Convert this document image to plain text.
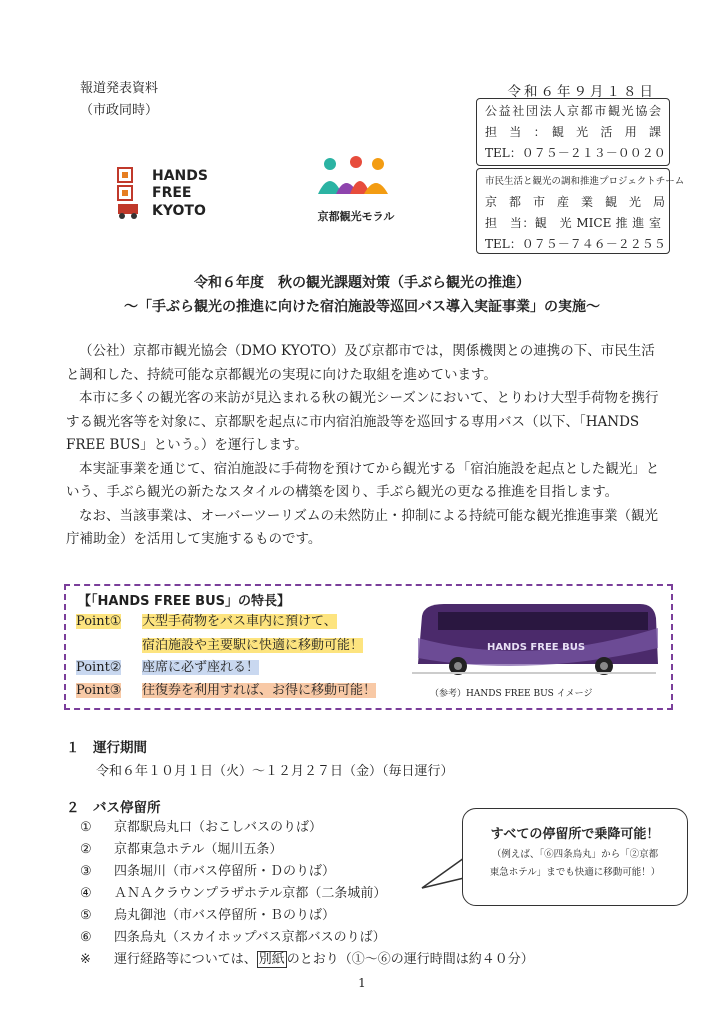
報道発表資料
（市政同時）
令和６年９月１８日
公益社団法人京都市観光協会
担　当　：　観　光　活　用　課
TEL：０７５－２１３－００２０
市民生活と観光の調和推進プロジェクトチーム
京　都　市　産　業　観　光　局
担　当：観　光 MICE 推 進 室
TEL：０７５－７４６－２２５５
HANDS
FREE
KYOTO	京都観光モラル
令和６年度　秋の観光課題対策（手ぶら観光の推進）
～「手ぶら観光の推進に向けた宿泊施設等巡回バス導入実証事業」の実施～

（公社）京都市観光協会（DMO KYOTO）及び京都市では，関係機関との連携の下、市民生活と調和した、持続可能な京都観光の実現に向けた取組を進めています。

本市に多くの観光客の来訪が見込まれる秋の観光シーズンにおいて、とりわけ大型手荷物を携行する観光客等を対象に、京都駅を起点に市内宿泊施設等を巡回する専用バス（以下、「HANDS FREE BUS」という。）を運行します。

本実証事業を通じて、宿泊施設に手荷物を預けてから観光する「宿泊施設を起点とした観光」という、手ぶら観光の新たなスタイルの構築を図り、手ぶら観光の更なる推進を目指します。

なお、当該事業は、オーバーツーリズムの未然防止・抑制による持続可能な観光推進事業（観光庁補助金）を活用して実施するものです。

【「HANDS FREE BUS」の特長】
Point① 大型手荷物をバス車内に預けて、
宿泊施設や主要駅に快適に移動可能！
Point② 座席に必ず座れる！
Point③ 往復券を利用すれば、お得に移動可能！
HANDS FREE BUS
（参考）HANDS FREE BUS イメージ
１　運行期間
令和６年１０月１日（火）～１２月２７日（金）（毎日運行）
２　バス停留所
① 京都駅烏丸口（おこしバスのりば）
② 京都東急ホテル（堀川五条）
③ 四条堀川（市バス停留所・Ｄのりば）
④ ＡＮＡクラウンプラザホテル京都（二条城前）
⑤ 烏丸御池（市バス停留所・Ｂのりば）
⑥ 四条烏丸（スカイホップバス京都バスのりば）
※ 運行経路等については、 別紙 のとおり（①～⑥の運行時間は約４０分）
すべての停留所で乗降可能！
（例えば、「⑥四条烏丸」から「②京都
東急ホテル」までも快適に移動可能！）
1
